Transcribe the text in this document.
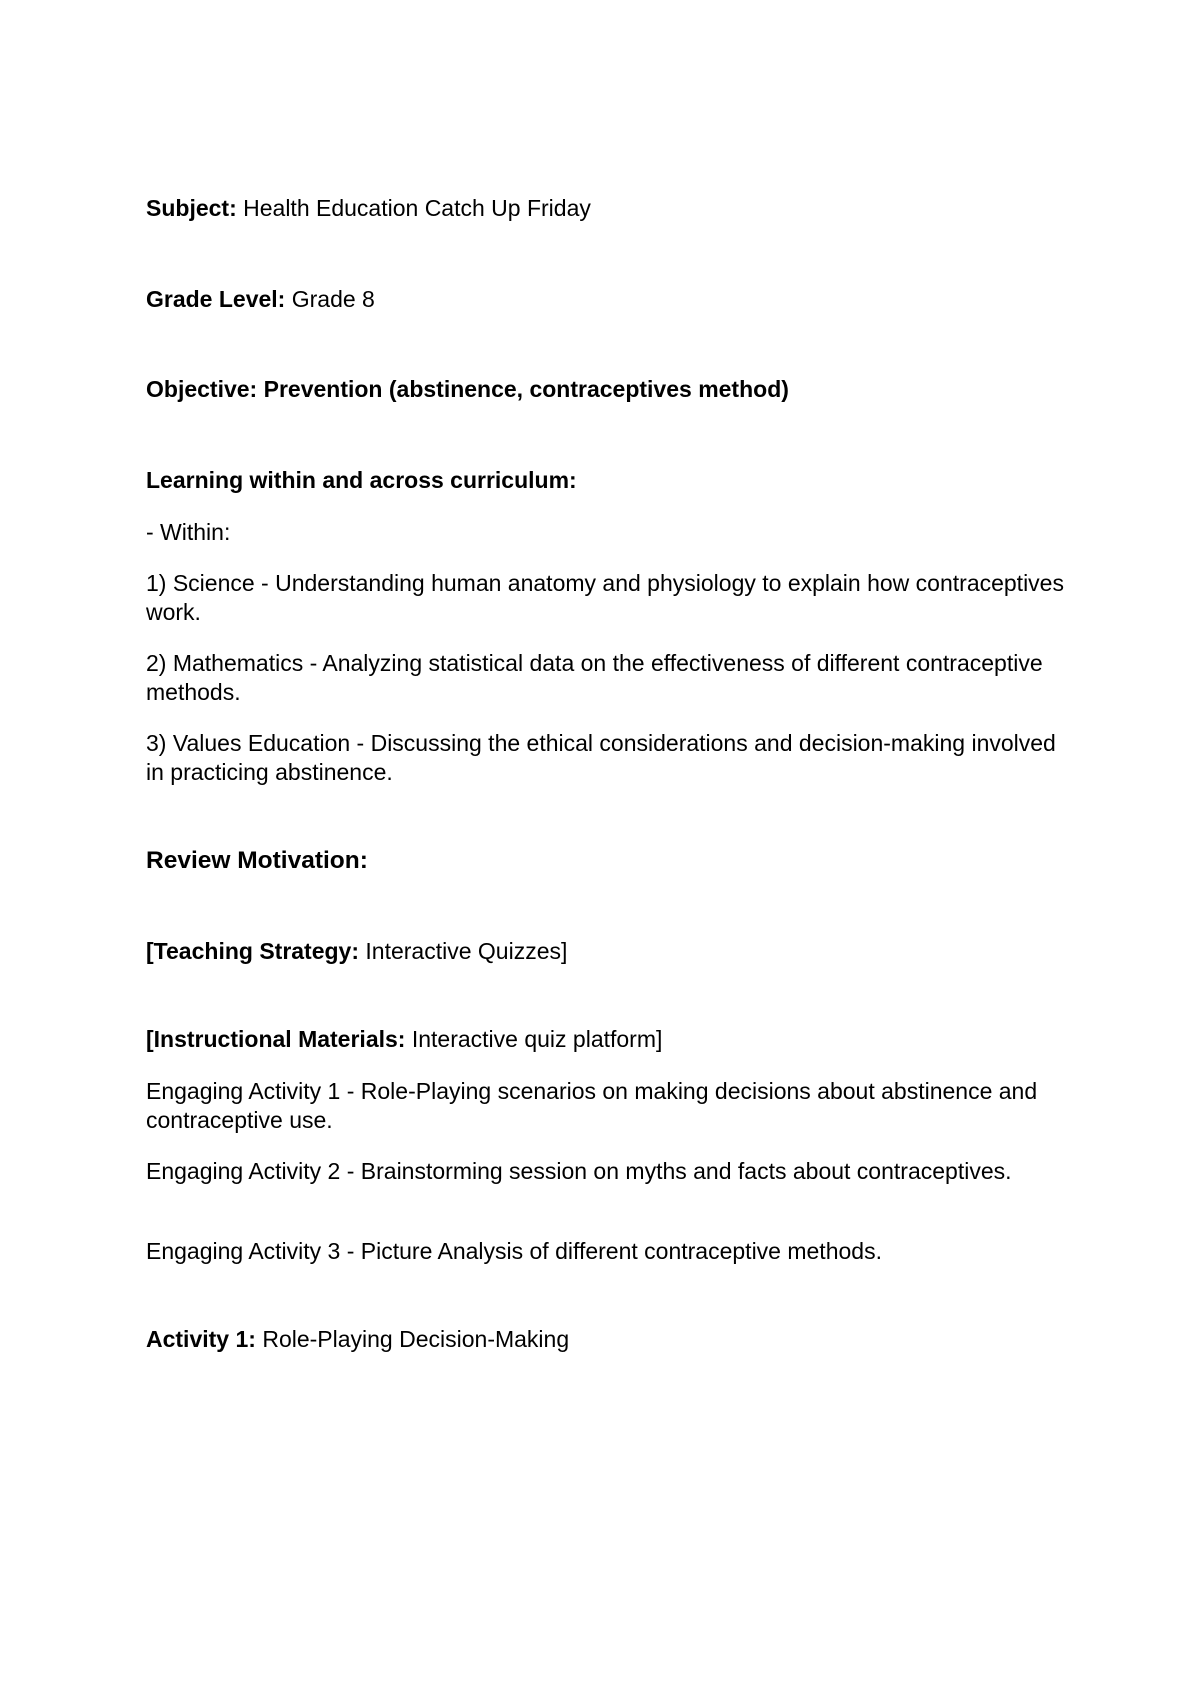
Subject: Health Education Catch Up Friday

Grade Level: Grade 8

Objective: Prevention (abstinence, contraceptives method)

Learning within and across curriculum:

- Within:

1) Science - Understanding human anatomy and physiology to explain how contraceptives work.

2) Mathematics - Analyzing statistical data on the effectiveness of different contraceptive methods.

3) Values Education - Discussing the ethical considerations and decision-making involved in practicing abstinence.

Review Motivation:

[Teaching Strategy: Interactive Quizzes]

[Instructional Materials: Interactive quiz platform]

Engaging Activity 1 - Role-Playing scenarios on making decisions about abstinence and contraceptive use.

Engaging Activity 2 - Brainstorming session on myths and facts about contraceptives.

Engaging Activity 3 - Picture Analysis of different contraceptive methods.

Activity 1: Role-Playing Decision-Making
